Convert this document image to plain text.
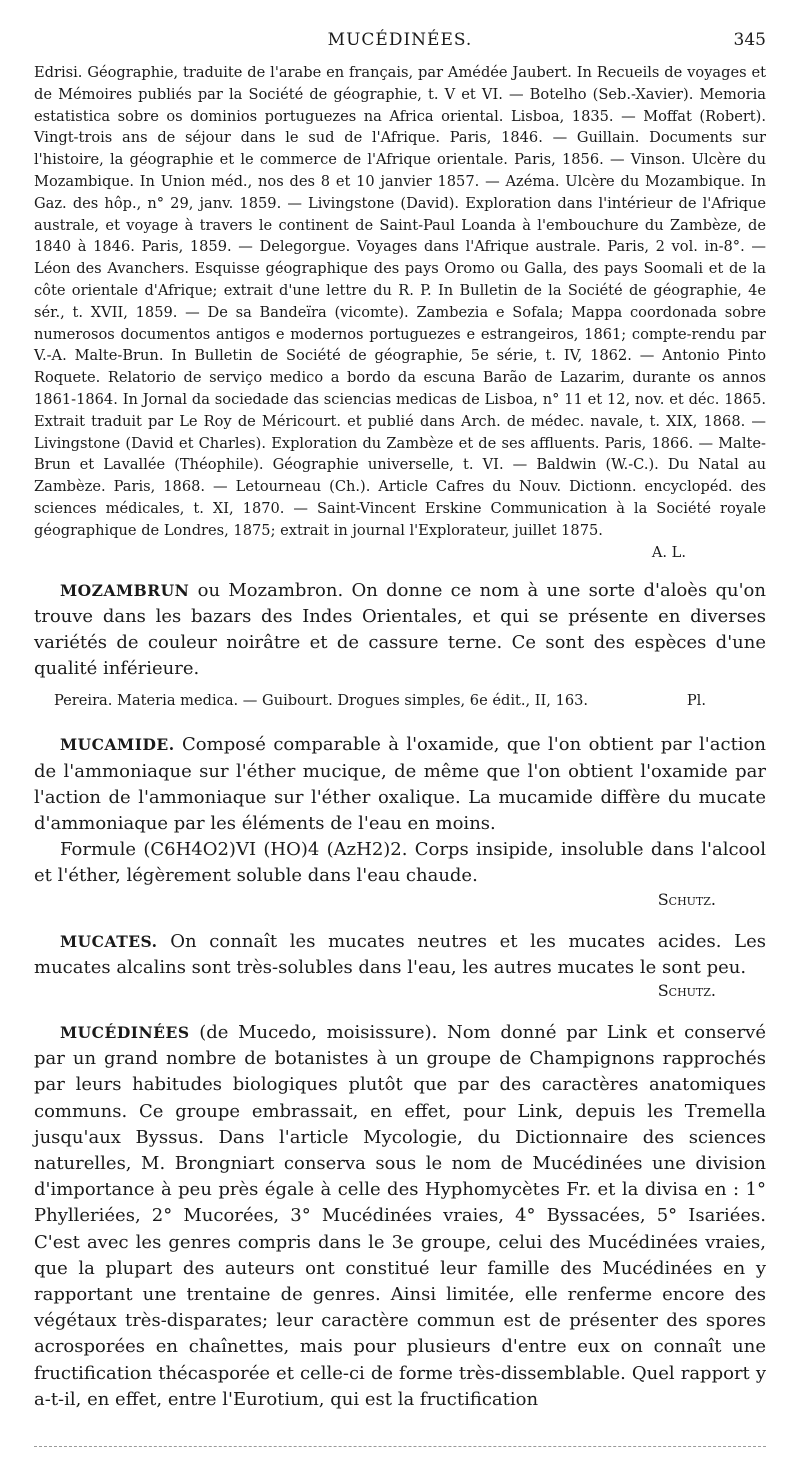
MUCÉDINÉES.	345

Edrisi. Géographie, traduite de l'arabe en français, par Amédée Jaubert. In Recueils de voyages et de Mémoires publiés par la Société de géographie, t. V et VI. — Botelho (Seb.-Xavier). Memoria estatistica sobre os dominios portuguezes na Africa oriental. Lisboa, 1835. — Moffat (Robert). Vingt-trois ans de séjour dans le sud de l'Afrique. Paris, 1846. — Guillain. Documents sur l'histoire, la géographie et le commerce de l'Afrique orientale. Paris, 1856. — Vinson. Ulcère du Mozambique. In Union méd., nos des 8 et 10 janvier 1857. — Azéma. Ulcère du Mozambique. In Gaz. des hôp., n° 29, janv. 1859. — Livingstone (David). Exploration dans l'intérieur de l'Afrique australe, et voyage à travers le continent de Saint-Paul Loanda à l'embouchure du Zambèze, de 1840 à 1846. Paris, 1859. — Delegorgue. Voyages dans l'Afrique australe. Paris, 2 vol. in-8°. — Léon des Avanchers. Esquisse géographique des pays Oromo ou Galla, des pays Soomali et de la côte orientale d'Afrique; extrait d'une lettre du R. P. In Bulletin de la Société de géographie, 4e sér., t. XVII, 1859. — De sa Bandeïra (vicomte). Zambezia e Sofala; Mappa coordonada sobre numerosos documentos antigos e modernos portuguezes e estrangeiros, 1861; compte-rendu par V.-A. Malte-Brun. In Bulletin de Société de géographie, 5e série, t. IV, 1862. — Antonio Pinto Roquete. Relatorio de serviço medico a bordo da escuna Barão de Lazarim, durante os annos 1861-1864. In Jornal da sociedade das sciencias medicas de Lisboa, n° 11 et 12, nov. et déc. 1865. Extrait traduit par Le Roy de Méricourt. et publié dans Arch. de médec. navale, t. XIX, 1868. — Livingstone (David et Charles). Exploration du Zambèze et de ses affluents. Paris, 1866. — Malte-Brun et Lavallée (Théophile). Géographie universelle, t. VI. — Baldwin (W.-C.). Du Natal au Zambèze. Paris, 1868. — Letourneau (Ch.). Article Cafres du Nouv. Dictionn. encyclopéd. des sciences médicales, t. XI, 1870. — Saint-Vincent Erskine Communication à la Société royale géographique de Londres, 1875; extrait in journal l'Explorateur, juillet 1875.

A. L.

MOZAMBRUN ou Mozambron. On donne ce nom à une sorte d'aloès qu'on trouve dans les bazars des Indes Orientales, et qui se présente en diverses variétés de couleur noirâtre et de cassure terne. Ce sont des espèces d'une qualité inférieure.

Pereira. Materia medica. — Guibourt. Drogues simples, 6e édit., II, 163.	Pl.

MUCAMIDE. Composé comparable à l'oxamide, que l'on obtient par l'action de l'ammoniaque sur l'éther mucique, de même que l'on obtient l'oxamide par l'action de l'ammoniaque sur l'éther oxalique. La mucamide diffère du mucate d'ammoniaque par les éléments de l'eau en moins.
Formule (C6H4O2)VI (HO)4 (AzH2)2. Corps insipide, insoluble dans l'alcool et l'éther, légèrement soluble dans l'eau chaude.

Schutz.

MUCATES. On connaît les mucates neutres et les mucates acides. Les mucates alcalins sont très-solubles dans l'eau, les autres mucates le sont peu.

Schutz.

MUCÉDINÉES (de Mucedo, moisissure). Nom donné par Link et conservé par un grand nombre de botanistes à un groupe de Champignons rapprochés par leurs habitudes biologiques plutôt que par des caractères anatomiques communs. Ce groupe embrassait, en effet, pour Link, depuis les Tremella jusqu'aux Byssus. Dans l'article Mycologie, du Dictionnaire des sciences naturelles, M. Brongniart conserva sous le nom de Mucédinées une division d'importance à peu près égale à celle des Hyphomycètes Fr. et la divisa en : 1° Phylleriées, 2° Mucorées, 3° Mucédinées vraies, 4° Byssacées, 5° Isariées. C'est avec les genres compris dans le 3e groupe, celui des Mucédinées vraies, que la plupart des auteurs ont constitué leur famille des Mucédinées en y rapportant une trentaine de genres. Ainsi limitée, elle renferme encore des végétaux très-disparates; leur caractère commun est de présenter des spores acrosporées en chaînettes, mais pour plusieurs d'entre eux on connaît une fructification thécasporée et celle-ci de forme très-dissemblable. Quel rapport y a-t-il, en effet, entre l'Eurotium, qui est la fructification
